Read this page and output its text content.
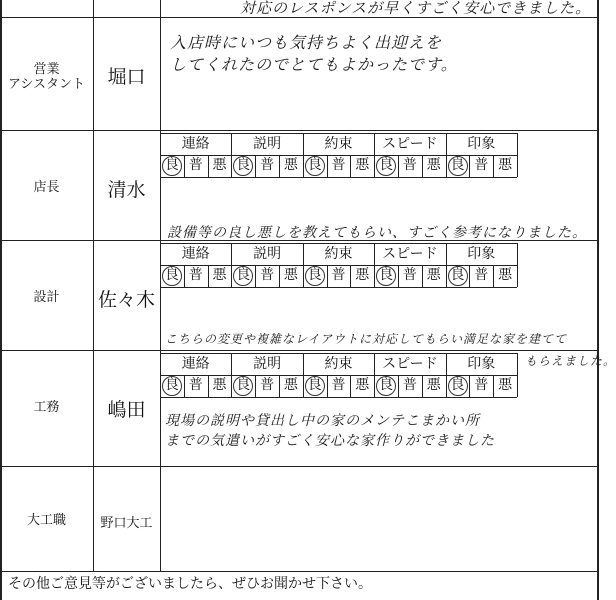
対応のレスポンスが早くすごく安心できました。
営業
アシスタント	堀口
入店時にいつも気持ちよく出迎えを
してくれたのでとてもよかったです。
店長	清水
連絡
良 普 悪
説明
良 普 悪
約束
良 普 悪
スピード
良 普 悪
印象
良 普 悪
設備等の良し悪しを教えてもらい、すごく参考になりました。
設計	佐々木
連絡
良 普 悪
説明
良 普 悪
約束
良 普 悪
スピード
良 普 悪
印象
良 普 悪
こちらの変更や複雑なレイアウトに対応してもらい満足な家を建てて
もらえました。
工務	嶋田
連絡
良 普 悪
説明
良 普 悪
約束
良 普 悪
スピード
良 普 悪
印象
良 普 悪
現場の説明や貸出し中の家のメンテこまかい所
までの気遣いがすごく安心な家作りができました
大工職	野口大工
その他ご意見等がございましたら、ぜひお聞かせ下さい。
